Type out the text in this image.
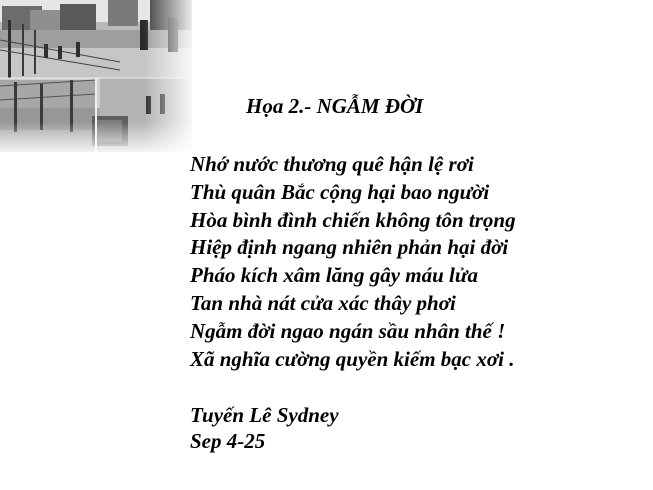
Họa 2.- NGẪM ĐỜI
Nhớ nước thương quê hận lệ rơi
Thù quân Bắc cộng hại bao người
Hòa bình đình chiến không tôn trọng
Hiệp định ngang nhiên phản hại đời
Pháo kích xâm lăng gây máu lửa
Tan nhà nát cửa xác thây phơi
Ngẫm đời ngao ngán sầu nhân thế !
Xã nghĩa cường quyền kiếm bạc xơi .
Tuyến Lê Sydney
Sep 4-25
